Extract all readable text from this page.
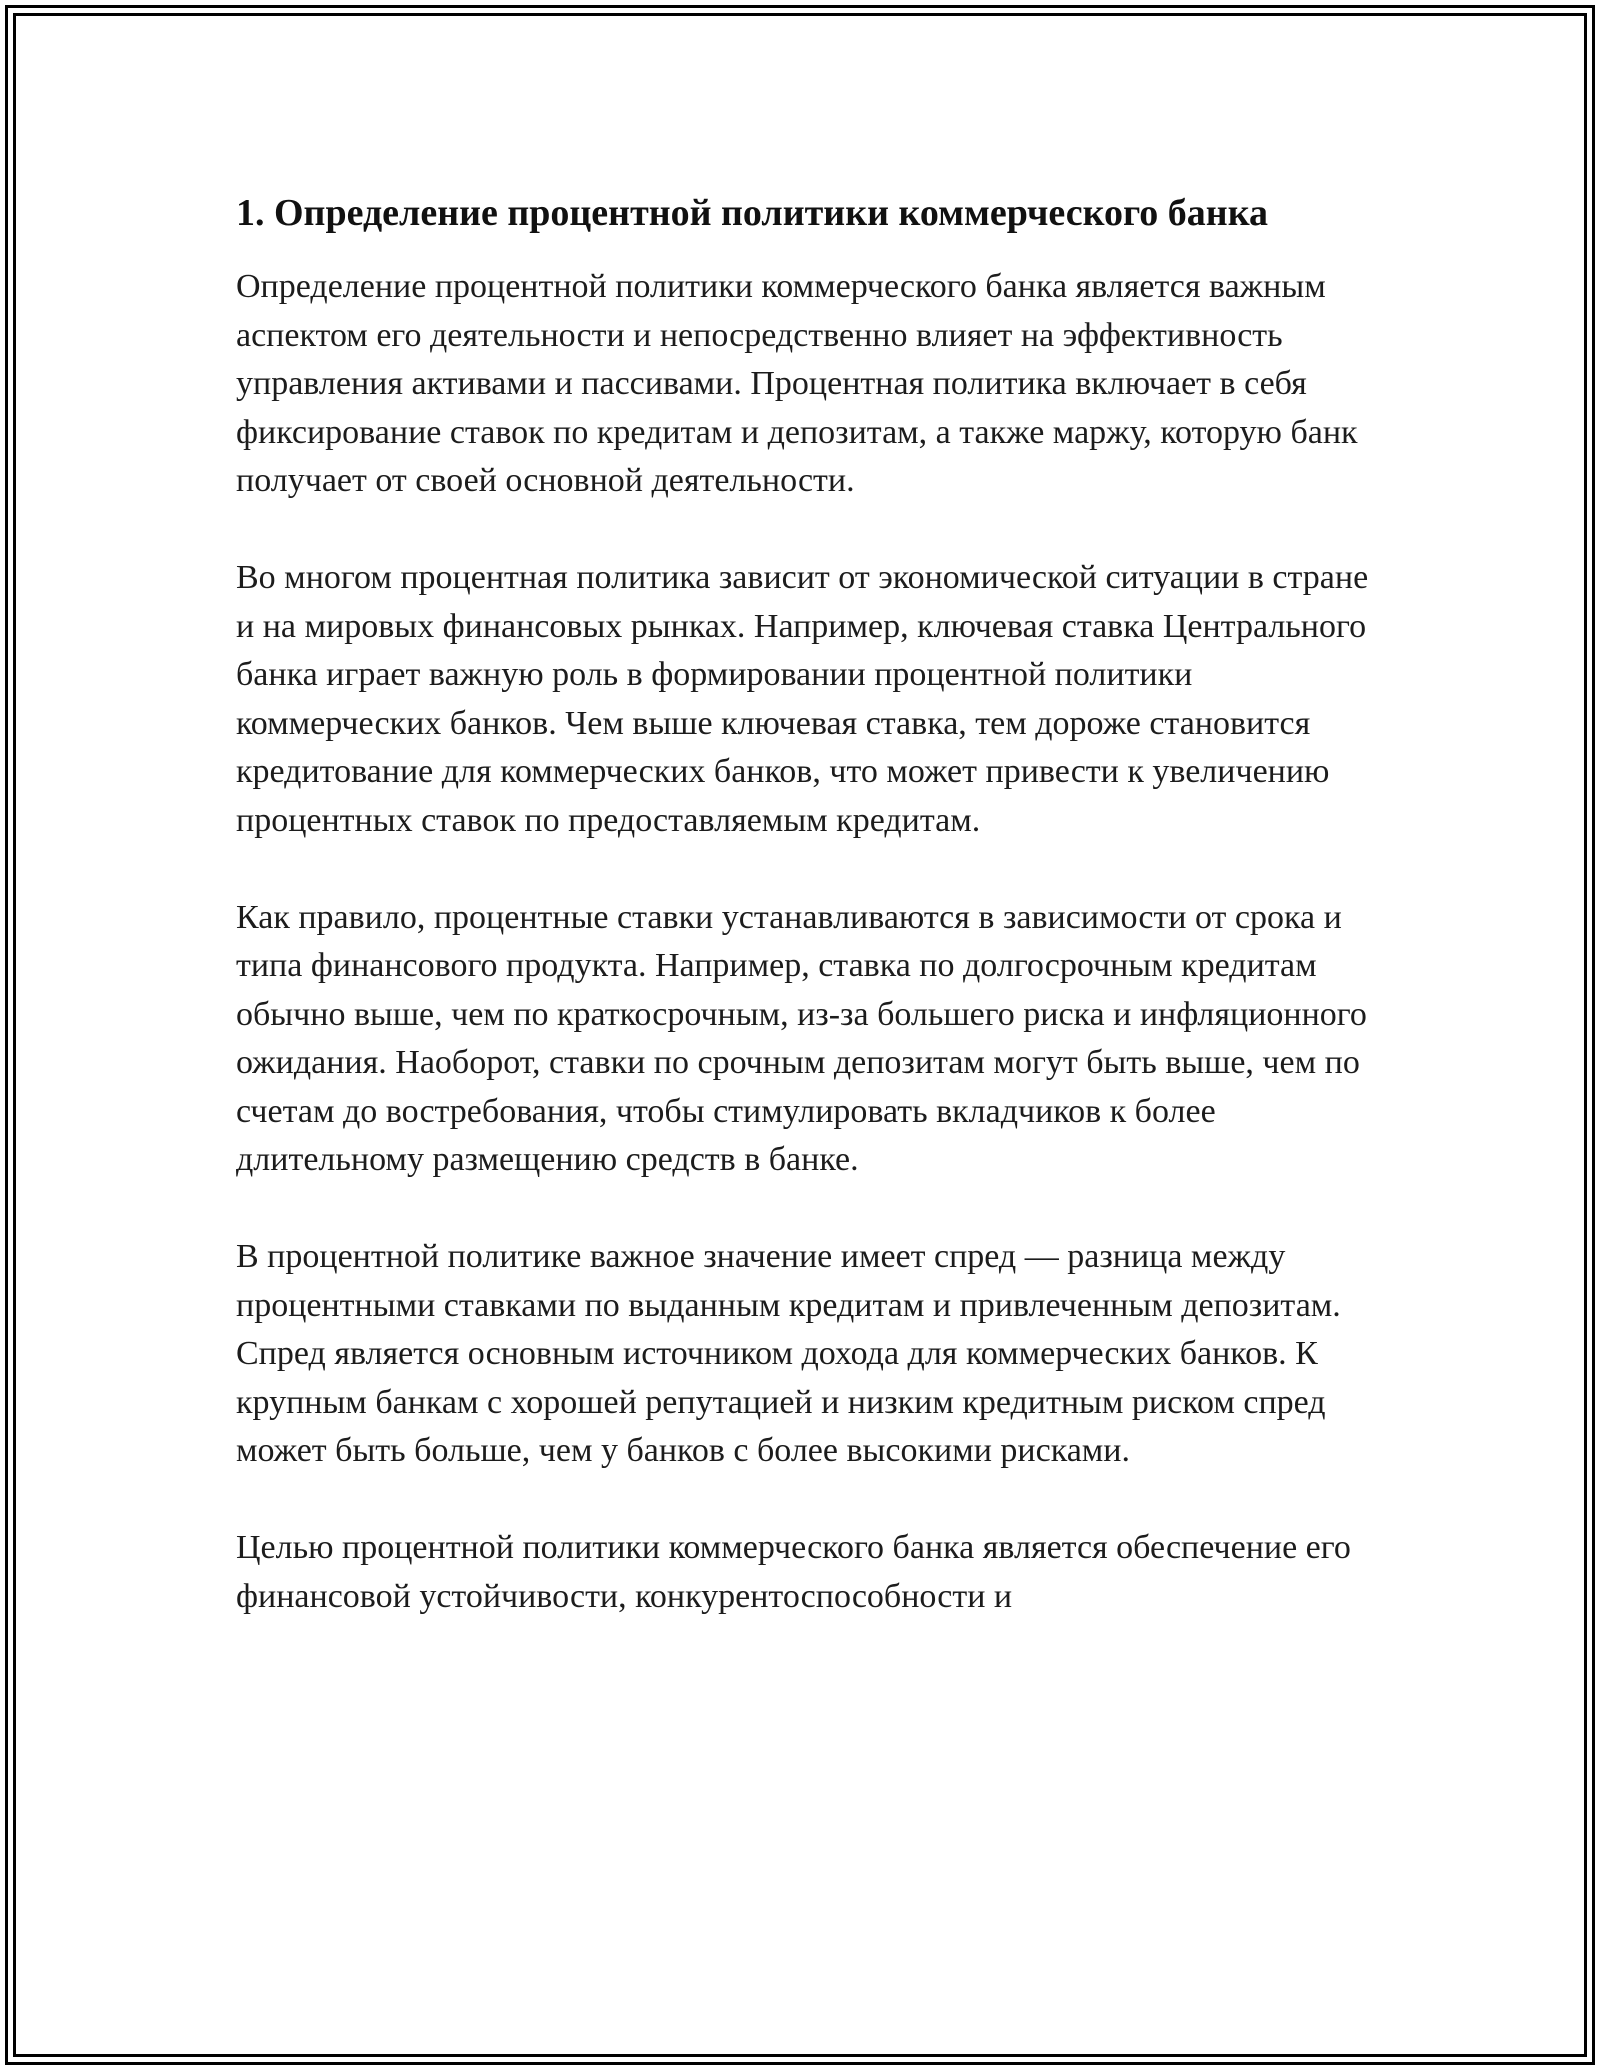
1. Определение процентной политики коммерческого банка

Определение процентной политики коммерческого банка является важным аспектом его деятельности и непосредственно влияет на эффективность управления активами и пассивами. Процентная политика включает в себя фиксирование ставок по кредитам и депозитам, а также маржу, которую банк получает от своей основной деятельности.

Во многом процентная политика зависит от экономической ситуации в стране и на мировых финансовых рынках. Например, ключевая ставка Центрального банка играет важную роль в формировании процентной политики коммерческих банков. Чем выше ключевая ставка, тем дороже становится кредитование для коммерческих банков, что может привести к увеличению процентных ставок по предоставляемым кредитам.

Как правило, процентные ставки устанавливаются в зависимости от срока и типа финансового продукта. Например, ставка по долгосрочным кредитам обычно выше, чем по краткосрочным, из-за большего риска и инфляционного ожидания. Наоборот, ставки по срочным депозитам могут быть выше, чем по счетам до востребования, чтобы стимулировать вкладчиков к более длительному размещению средств в банке.

В процентной политике важное значение имеет спред — разница между процентными ставками по выданным кредитам и привлеченным депозитам. Спред является основным источником дохода для коммерческих банков. К крупным банкам с хорошей репутацией и низким кредитным риском спред может быть больше, чем у банков с более высокими рисками.

Целью процентной политики коммерческого банка является обеспечение его финансовой устойчивости, конкурентоспособности и
